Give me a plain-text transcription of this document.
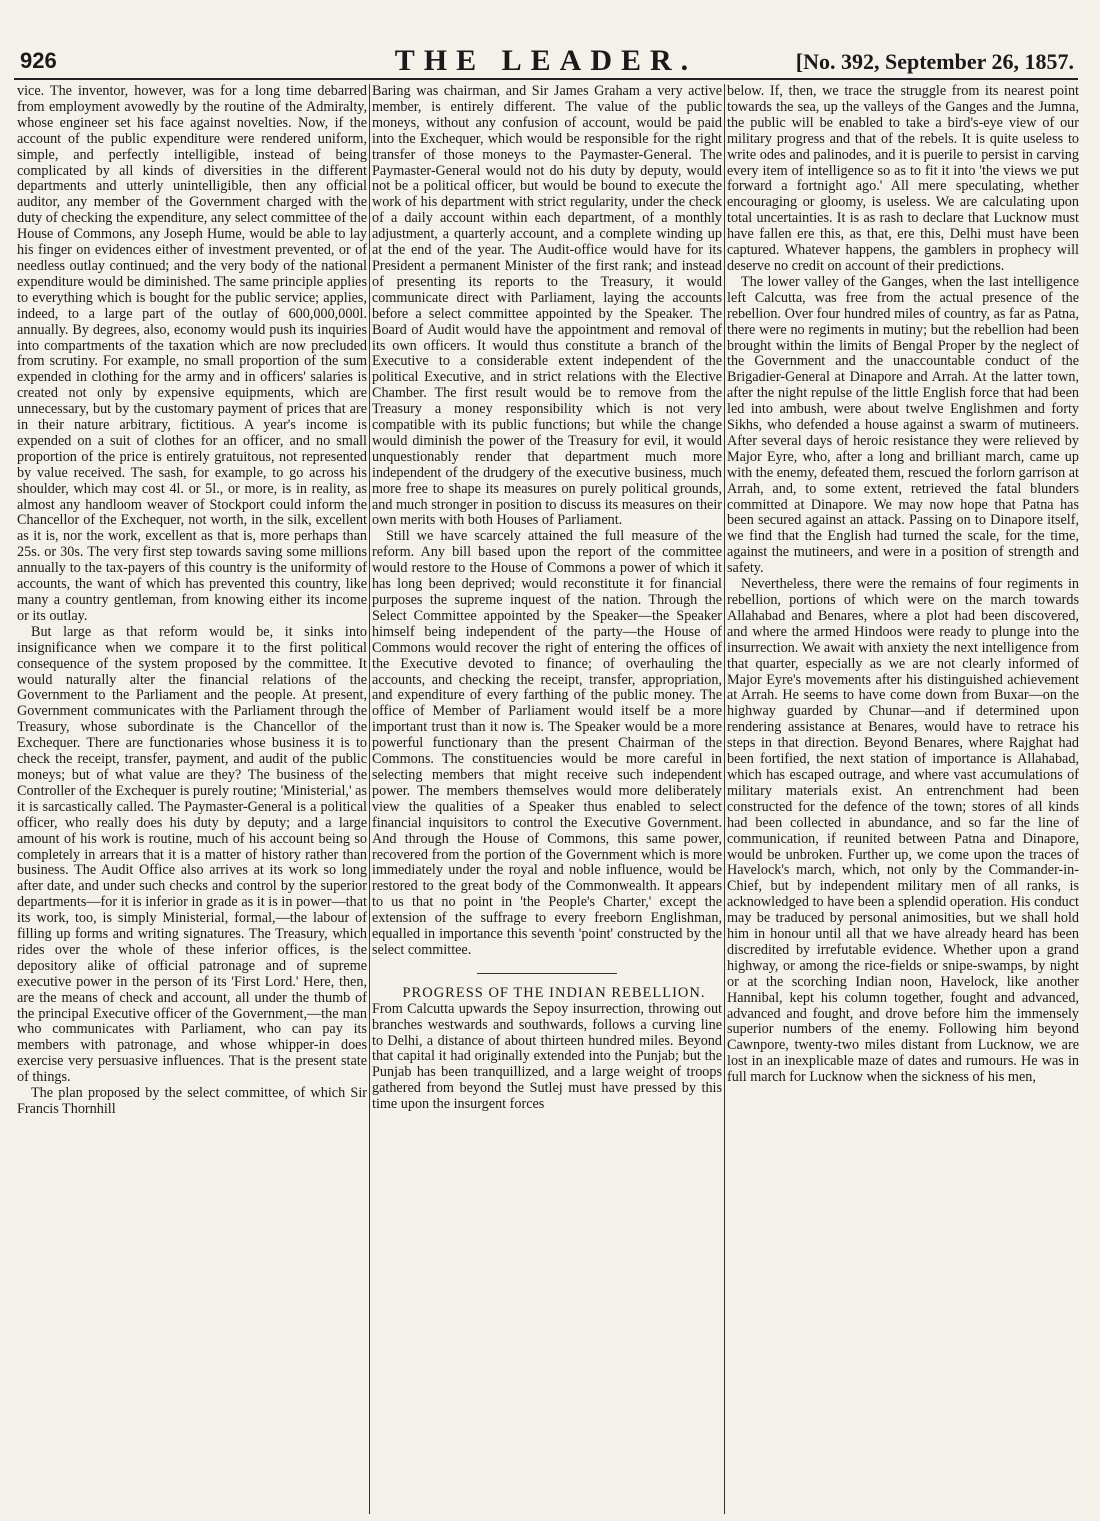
926	THE LEADER.	[No. 392, September 26, 1857.

vice. The inventor, however, was for a long time debarred from employment avowedly by the routine of the Admiralty, whose engineer set his face against novelties. Now, if the account of the public expenditure were rendered uniform, simple, and perfectly intelligible, instead of being complicated by all kinds of diversities in the different departments and utterly unintelligible, then any official auditor, any member of the Government charged with the duty of checking the expenditure, any select committee of the House of Commons, any Joseph Hume, would be able to lay his finger on evidences either of investment prevented, or of needless outlay continued; and the very body of the national expenditure would be diminished. The same principle applies to everything which is bought for the public service; applies, indeed, to a large part of the outlay of 600,000,000l. annually. By degrees, also, economy would push its inquiries into compartments of the taxation which are now precluded from scrutiny. For example, no small proportion of the sum expended in clothing for the army and in officers' salaries is created not only by expensive equipments, which are unnecessary, but by the customary payment of prices that are in their nature arbitrary, fictitious. A year's income is expended on a suit of clothes for an officer, and no small proportion of the price is entirely gratuitous, not represented by value received. The sash, for example, to go across his shoulder, which may cost 4l. or 5l., or more, is in reality, as almost any handloom weaver of Stockport could inform the Chancellor of the Exchequer, not worth, in the silk, excellent as it is, nor the work, excellent as that is, more perhaps than 25s. or 30s. The very first step towards saving some millions annually to the tax-payers of this country is the uniformity of accounts, the want of which has prevented this country, like many a country gentleman, from knowing either its income or its outlay.

But large as that reform would be, it sinks into insignificance when we compare it to the first political consequence of the system proposed by the committee. It would naturally alter the financial relations of the Government to the Parliament and the people. At present, Government communicates with the Parliament through the Treasury, whose subordinate is the Chancellor of the Exchequer. There are functionaries whose business it is to check the receipt, transfer, payment, and audit of the public moneys; but of what value are they? The business of the Controller of the Exchequer is purely routine; 'Ministerial,' as it is sarcastically called. The Paymaster-General is a political officer, who really does his duty by deputy; and a large amount of his work is routine, much of his account being so completely in arrears that it is a matter of history rather than business. The Audit Office also arrives at its work so long after date, and under such checks and control by the superior departments—for it is inferior in grade as it is in power—that its work, too, is simply Ministerial, formal,—the labour of filling up forms and writing signatures. The Treasury, which rides over the whole of these inferior offices, is the depository alike of official patronage and of supreme executive power in the person of its 'First Lord.' Here, then, are the means of check and account, all under the thumb of the principal Executive officer of the Government,—the man who communicates with Parliament, who can pay its members with patronage, and whose whipper-in does exercise very persuasive influences. That is the present state of things.

The plan proposed by the select committee, of which Sir Francis Thornhill

Baring was chairman, and Sir James Graham a very active member, is entirely different. The value of the public moneys, without any confusion of account, would be paid into the Exchequer, which would be responsible for the right transfer of those moneys to the Paymaster-General. The Paymaster-General would not do his duty by deputy, would not be a political officer, but would be bound to execute the work of his department with strict regularity, under the check of a daily account within each department, of a monthly adjustment, a quarterly account, and a complete winding up at the end of the year. The Audit-office would have for its President a permanent Minister of the first rank; and instead of presenting its reports to the Treasury, it would communicate direct with Parliament, laying the accounts before a select committee appointed by the Speaker. The Board of Audit would have the appointment and removal of its own officers. It would thus constitute a branch of the Executive to a considerable extent independent of the political Executive, and in strict relations with the Elective Chamber. The first result would be to remove from the Treasury a money responsibility which is not very compatible with its public functions; but while the change would diminish the power of the Treasury for evil, it would unquestionably render that department much more independent of the drudgery of the executive business, much more free to shape its measures on purely political grounds, and much stronger in position to discuss its measures on their own merits with both Houses of Parliament.

Still we have scarcely attained the full measure of the reform. Any bill based upon the report of the committee would restore to the House of Commons a power of which it has long been deprived; would reconstitute it for financial purposes the supreme inquest of the nation. Through the Select Committee appointed by the Speaker—the Speaker himself being independent of the party—the House of Commons would recover the right of entering the offices of the Executive devoted to finance; of overhauling the accounts, and checking the receipt, transfer, appropriation, and expenditure of every farthing of the public money. The office of Member of Parliament would itself be a more important trust than it now is. The Speaker would be a more powerful functionary than the present Chairman of the Commons. The constituencies would be more careful in selecting members that might receive such independent power. The members themselves would more deliberately view the qualities of a Speaker thus enabled to select financial inquisitors to control the Executive Government. And through the House of Commons, this same power, recovered from the portion of the Government which is more immediately under the royal and noble influence, would be restored to the great body of the Commonwealth. It appears to us that no point in 'the People's Charter,' except the extension of the suffrage to every freeborn Englishman, equalled in importance this seventh 'point' constructed by the select committee.

PROGRESS OF THE INDIAN REBELLION.

From Calcutta upwards the Sepoy insurrection, throwing out branches westwards and southwards, follows a curving line to Delhi, a distance of about thirteen hundred miles. Beyond that capital it had originally extended into the Punjab; but the Punjab has been tranquillized, and a large weight of troops gathered from beyond the Sutlej must have pressed by this time upon the insurgent forces

below. If, then, we trace the struggle from its nearest point towards the sea, up the valleys of the Ganges and the Jumna, the public will be enabled to take a bird's-eye view of our military progress and that of the rebels. It is quite useless to write odes and palinodes, and it is puerile to persist in carving every item of intelligence so as to fit it into 'the views we put forward a fortnight ago.' All mere speculating, whether encouraging or gloomy, is useless. We are calculating upon total uncertainties. It is as rash to declare that Lucknow must have fallen ere this, as that, ere this, Delhi must have been captured. Whatever happens, the gamblers in prophecy will deserve no credit on account of their predictions.

The lower valley of the Ganges, when the last intelligence left Calcutta, was free from the actual presence of the rebellion. Over four hundred miles of country, as far as Patna, there were no regiments in mutiny; but the rebellion had been brought within the limits of Bengal Proper by the neglect of the Government and the unaccountable conduct of the Brigadier-General at Dinapore and Arrah. At the latter town, after the night repulse of the little English force that had been led into ambush, were about twelve Englishmen and forty Sikhs, who defended a house against a swarm of mutineers. After several days of heroic resistance they were relieved by Major Eyre, who, after a long and brilliant march, came up with the enemy, defeated them, rescued the forlorn garrison at Arrah, and, to some extent, retrieved the fatal blunders committed at Dinapore. We may now hope that Patna has been secured against an attack. Passing on to Dinapore itself, we find that the English had turned the scale, for the time, against the mutineers, and were in a position of strength and safety.

Nevertheless, there were the remains of four regiments in rebellion, portions of which were on the march towards Allahabad and Benares, where a plot had been discovered, and where the armed Hindoos were ready to plunge into the insurrection. We await with anxiety the next intelligence from that quarter, especially as we are not clearly informed of Major Eyre's movements after his distinguished achievement at Arrah. He seems to have come down from Buxar—on the highway guarded by Chunar—and if determined upon rendering assistance at Benares, would have to retrace his steps in that direction. Beyond Benares, where Rajghat had been fortified, the next station of importance is Allahabad, which has escaped outrage, and where vast accumulations of military materials exist. An entrenchment had been constructed for the defence of the town; stores of all kinds had been collected in abundance, and so far the line of communication, if reunited between Patna and Dinapore, would be unbroken. Further up, we come upon the traces of Havelock's march, which, not only by the Commander-in-Chief, but by independent military men of all ranks, is acknowledged to have been a splendid operation. His conduct may be traduced by personal animosities, but we shall hold him in honour until all that we have already heard has been discredited by irrefutable evidence. Whether upon a grand highway, or among the rice-fields or snipe-swamps, by night or at the scorching Indian noon, Havelock, like another Hannibal, kept his column together, fought and advanced, advanced and fought, and drove before him the immensely superior numbers of the enemy. Following him beyond Cawnpore, twenty-two miles distant from Lucknow, we are lost in an inexplicable maze of dates and rumours. He was in full march for Lucknow when the sickness of his men,
